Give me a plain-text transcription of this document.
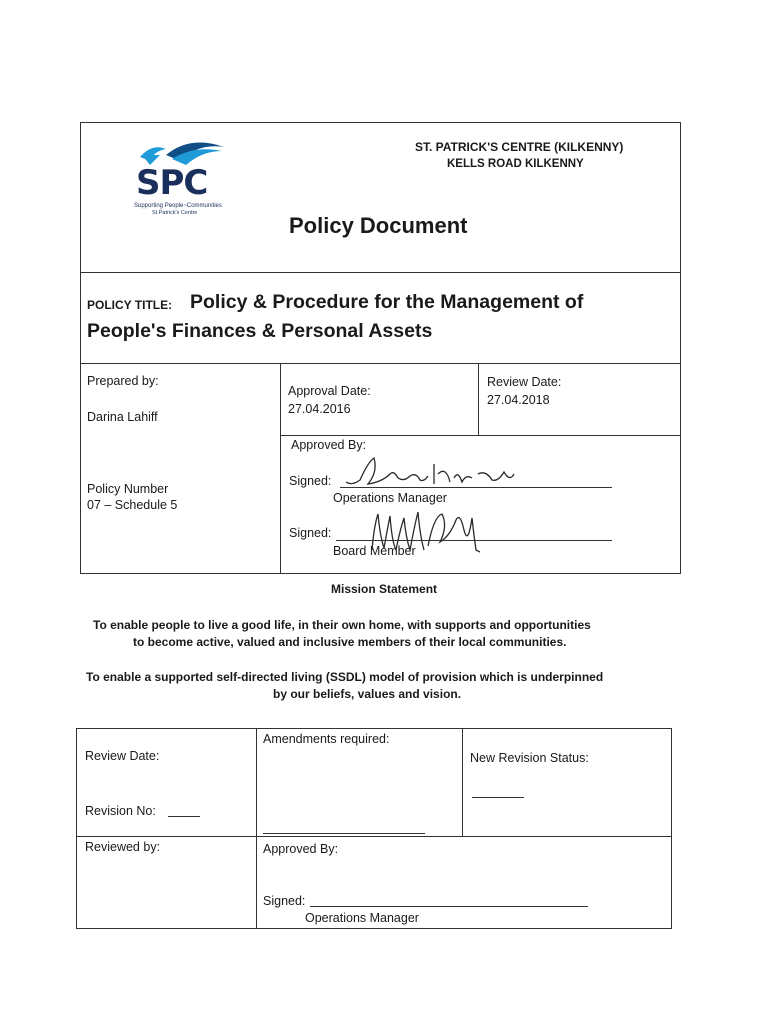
SPC
Supporting People~Communities
St Patrick's Centre
ST. PATRICK'S CENTRE (KILKENNY)
KELLS ROAD KILKENNY
Policy Document
POLICY TITLE: Policy & Procedure for the Management of
People's Finances & Personal Assets
Prepared by:
Darina Lahiff
Approval Date:
27.04.2016
Review Date:
27.04.2018
Approved By:
Policy Number
07 – Schedule 5
Signed:
Operations Manager
Signed:
Board Member
Mission Statement
To enable people to live a good life, in their own home, with supports and opportunities
to become active, valued and inclusive members of their local communities.
To enable a supported self-directed living (SSDL) model of provision which is underpinned
by our beliefs, values and vision.
Review Date:
Revision No:
Amendments required:
New Revision Status:
Reviewed by:	Approved By:
Signed:
Operations Manager
